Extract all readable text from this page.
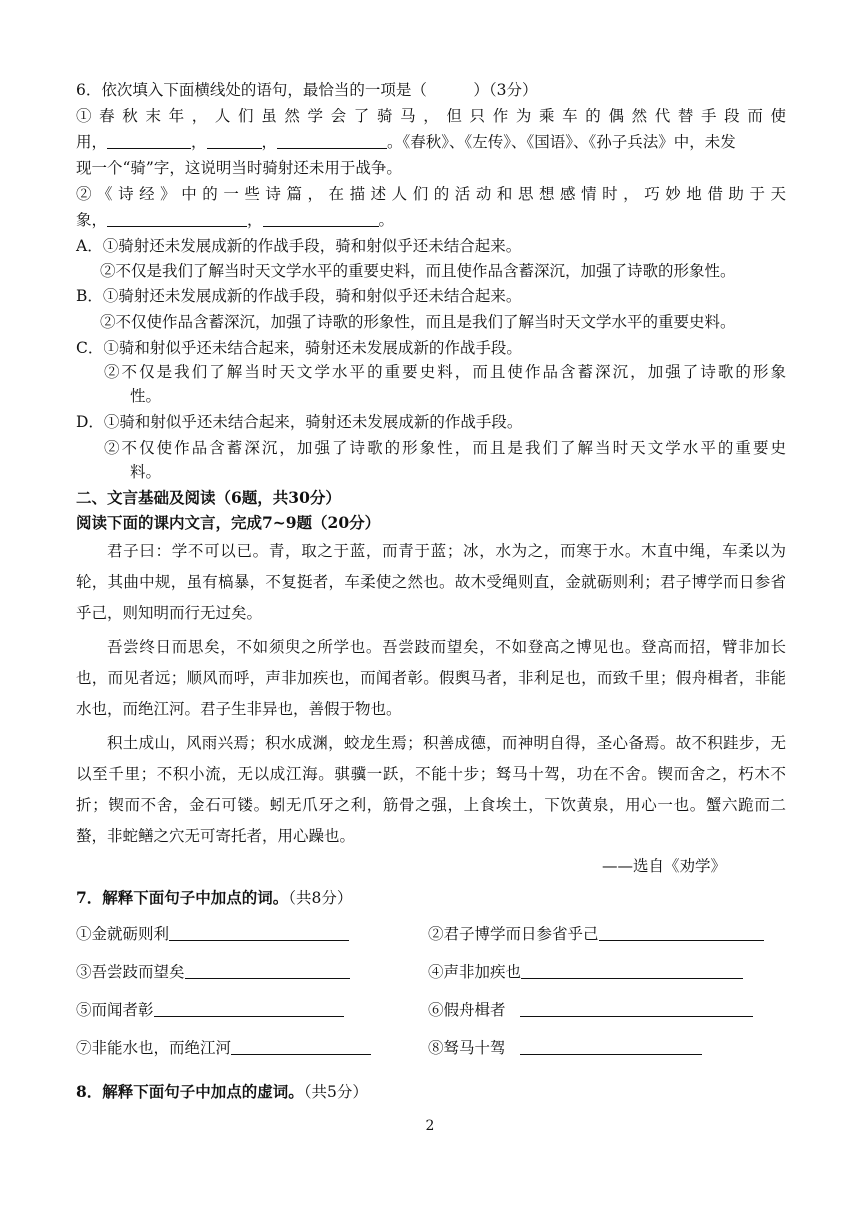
6．依次填入下面横线处的语句，最恰当的一项是（　　　）（3分）
①春秋末年，人们虽然学会了骑马，但只作为乘车的偶然代替手段而使
用，	，	，	。《春秋》、《左传》、《国语》、《孙子兵法》中，未发
现一个“骑”字，这说明当时骑射还未用于战争。
②《诗经》中的一些诗篇，在描述人们的活动和思想感情时，巧妙地借助于天
象，	，	。
A．①骑射还未发展成新的作战手段，骑和射似乎还未结合起来。
②不仅是我们了解当时天文学水平的重要史料，而且使作品含蓄深沉，加强了诗歌的形象性。
B．①骑射还未发展成新的作战手段，骑和射似乎还未结合起来。
②不仅使作品含蓄深沉，加强了诗歌的形象性，而且是我们了解当时天文学水平的重要史料。
C．①骑和射似乎还未结合起来，骑射还未发展成新的作战手段。
②不仅是我们了解当时天文学水平的重要史料，而且使作品含蓄深沉，加强了诗歌的形象
性。
D．①骑和射似乎还未结合起来，骑射还未发展成新的作战手段。
②不仅使作品含蓄深沉，加强了诗歌的形象性，而且是我们了解当时天文学水平的重要史
料。
二、文言基础及阅读（6题，共30分）
阅读下面的课内文言，完成7~9题（20分）
君子曰：学不可以已。青，取之于蓝，而青于蓝；冰，水为之，而寒于水。木直中绳，车柔以为轮，其曲中规，虽有槁暴，不复挺者，车柔使之然也。故木受绳则直，金就砺则利；君子博学而日参省乎己，则知明而行无过矣。
吾尝终日而思矣，不如须臾之所学也。吾尝跂而望矣，不如登高之博见也。登高而招，臂非加长也，而见者远；顺风而呼，声非加疾也，而闻者彰。假舆马者，非利足也，而致千里；假舟楫者，非能水也，而绝江河。君子生非异也，善假于物也。
积土成山，风雨兴焉；积水成渊，蛟龙生焉；积善成德，而神明自得，圣心备焉。故不积跬步，无以至千里；不积小流，无以成江海。骐骥一跃，不能十步；驽马十驾，功在不舍。锲而舍之，朽木不折；锲而不舍，金石可镂。蚓无爪牙之利，筋骨之强，上食埃土，下饮黄泉，用心一也。蟹六跪而二螯，非蛇鳝之穴无可寄托者，用心躁也。
——选自《劝学》
7．解释下面句子中加点的词。（共8分）
①金就砺则利	②君子博学而日参省乎己
③吾尝跂而望矣	④声非加疾也
⑤而闻者彰	⑥假舟楫者
⑦非能水也，而绝江河	⑧驽马十驾
8．解释下面句子中加点的虚词。（共5分）
2
